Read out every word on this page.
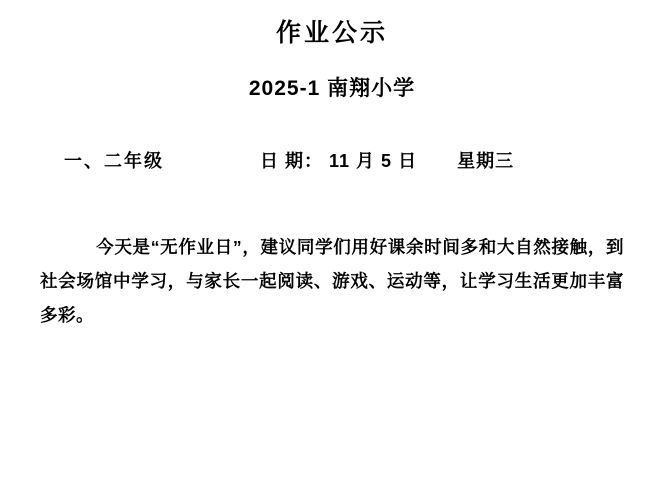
作业公示
2025-1 南翔小学
一、二年级	日 期： 11 月 5 日 星期三
今天是“无作业日”，建议同学们用好课余时间多和大自然接触，到社会场馆中学习，与家长一起阅读、游戏、运动等，让学习生活更加丰富多彩。
